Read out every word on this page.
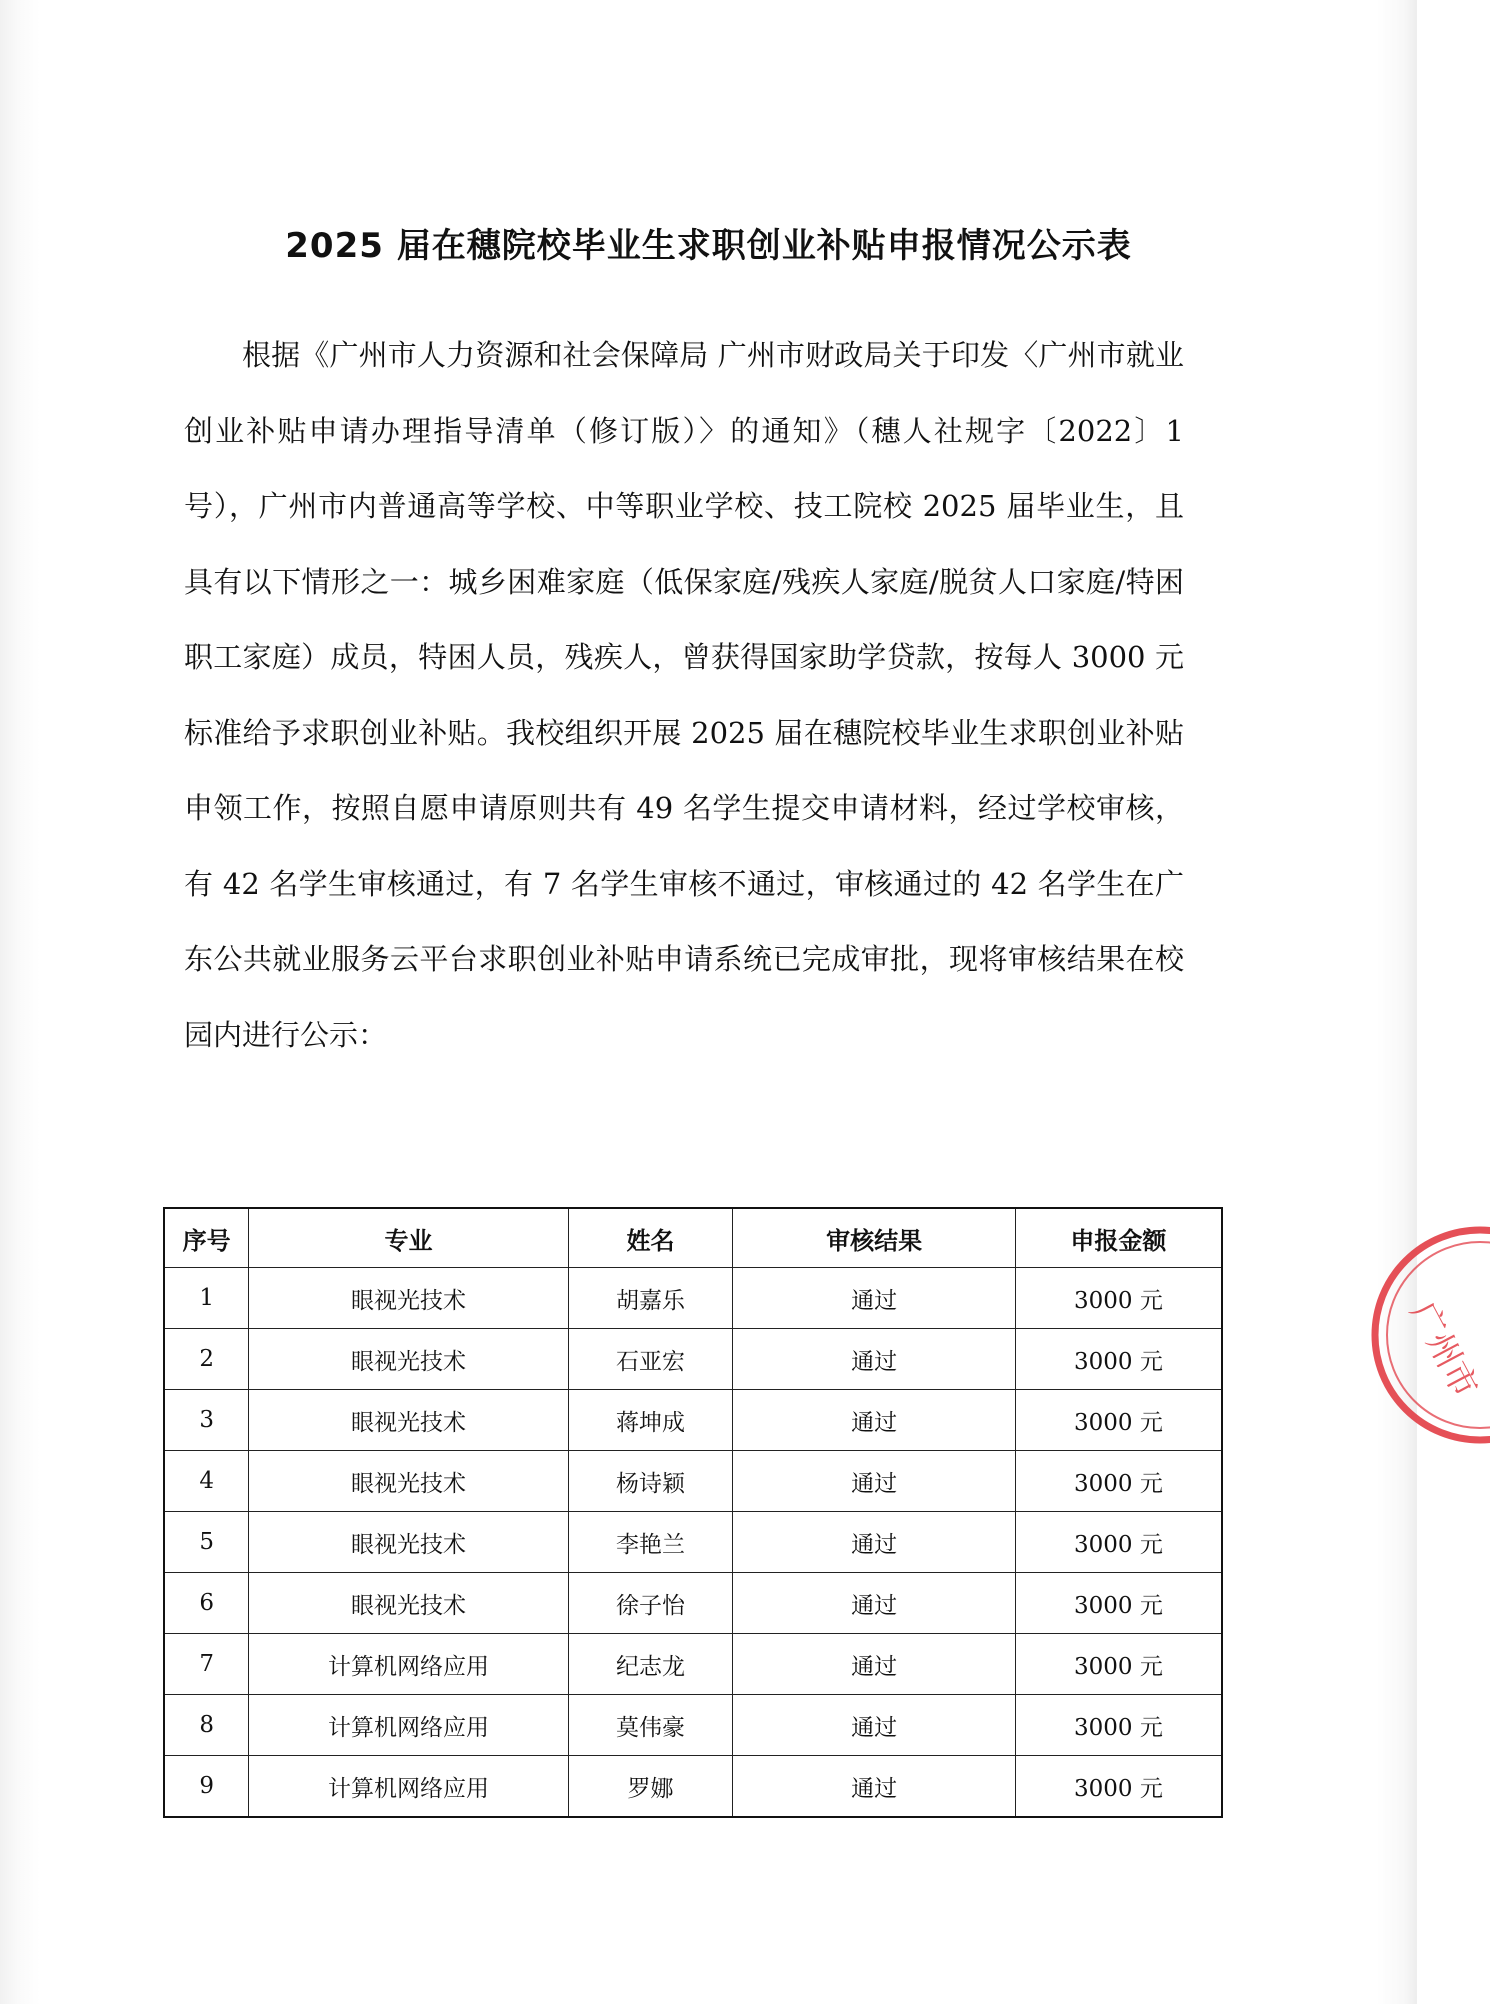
2025 届在穗院校毕业生求职创业补贴申报情况公示表

根据《广州市人力资源和社会保障局 广州市财政局关于印发〈广州市就业创业补贴申请办理指导清单（修订版）〉的通知》（穗人社规字〔2022〕1 号），广州市内普通高等学校、中等职业学校、技工院校 2025 届毕业生，且具有以下情形之一：城乡困难家庭（低保家庭/残疾人家庭/脱贫人口家庭/特困职工家庭）成员，特困人员，残疾人，曾获得国家助学贷款，按每人 3000 元标准给予求职创业补贴。我校组织开展 2025 届在穗院校毕业生求职创业补贴申领工作，按照自愿申请原则共有 49 名学生提交申请材料，经过学校审核，有 42 名学生审核通过，有 7 名学生审核不通过，审核通过的 42 名学生在广东公共就业服务云平台求职创业补贴申请系统已完成审批，现将审核结果在校园内进行公示：

序号	专业	姓名	审核结果	申报金额
1	眼视光技术	胡嘉乐	通过	3000 元
2	眼视光技术	石亚宏	通过	3000 元
3	眼视光技术	蒋坤成	通过	3000 元
4	眼视光技术	杨诗颖	通过	3000 元
5	眼视光技术	李艳兰	通过	3000 元
6	眼视光技术	徐子怡	通过	3000 元
7	计算机网络应用	纪志龙	通过	3000 元
8	计算机网络应用	莫伟豪	通过	3000 元
9	计算机网络应用	罗娜	通过	3000 元
广州市
